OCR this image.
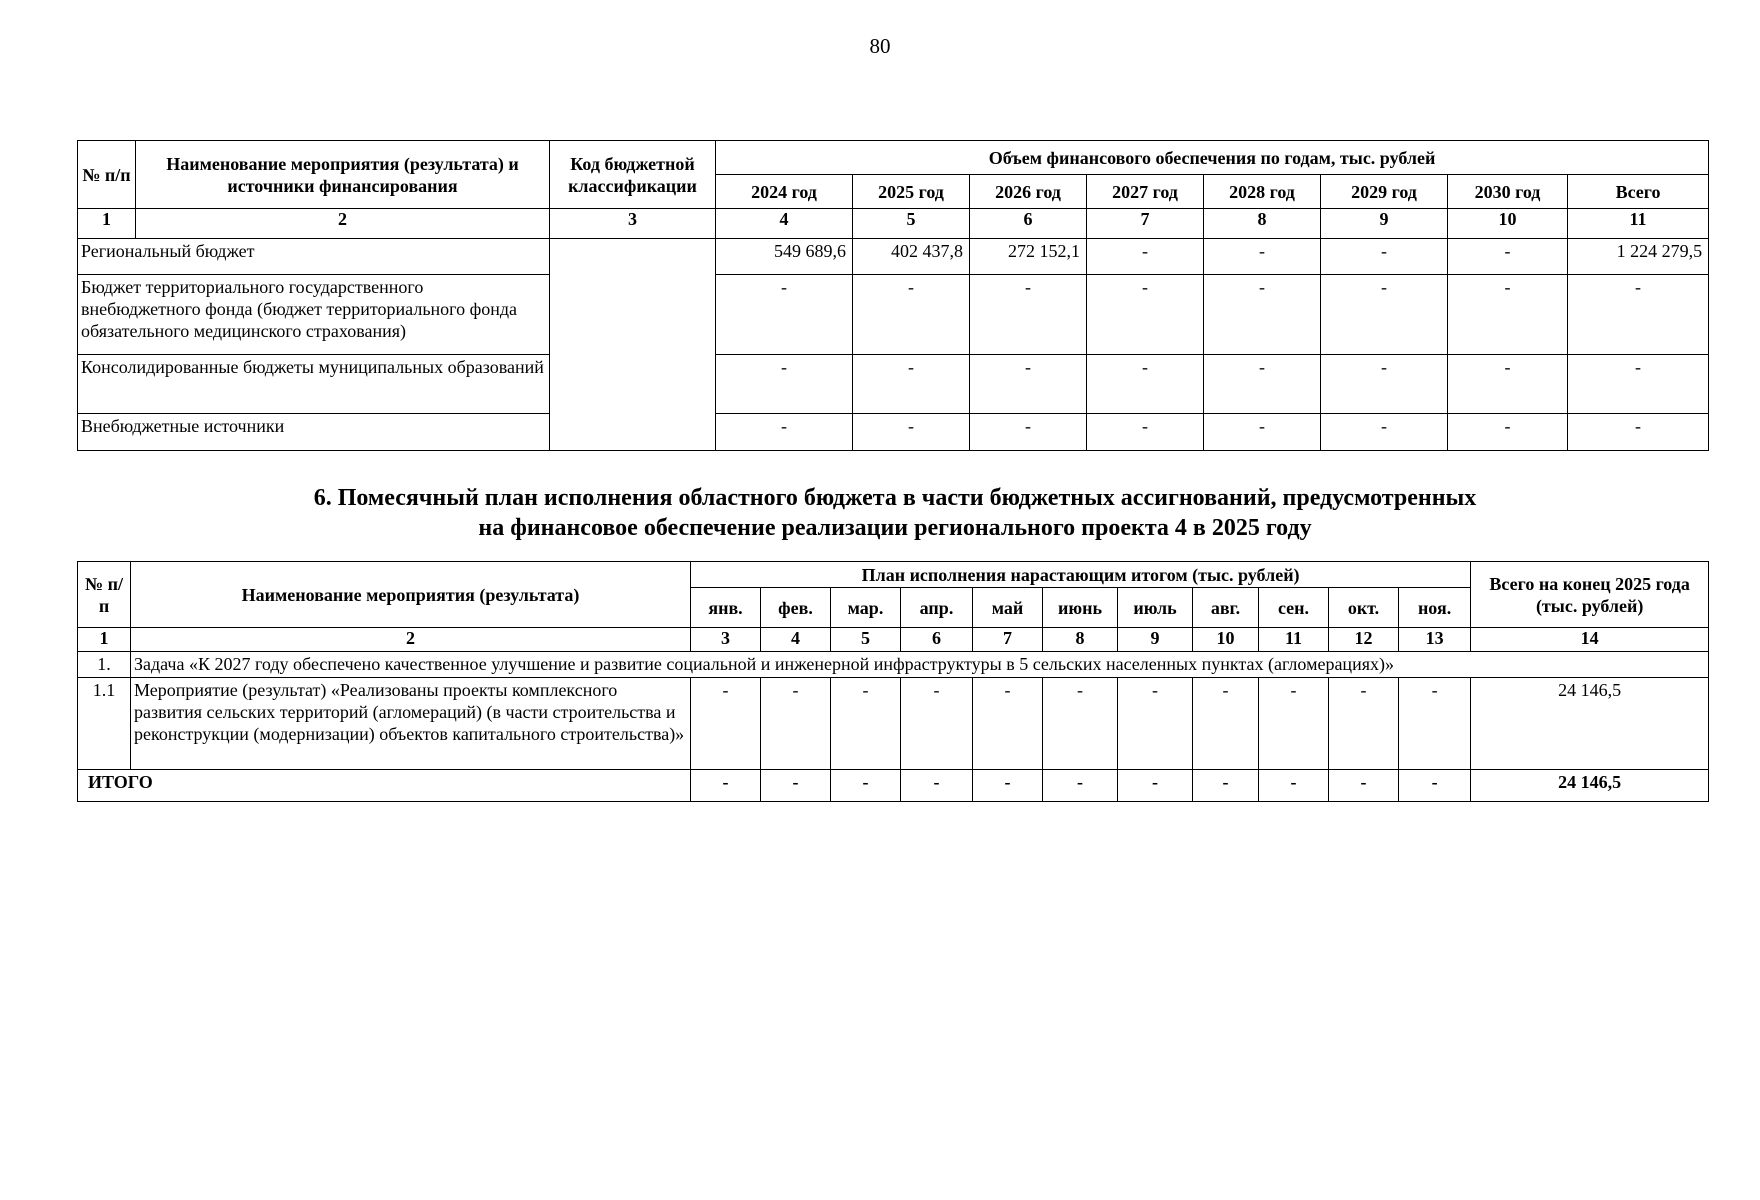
80
№ п/п	Наименование мероприятия (результата) и источники финансирования	Код бюджетной классификации	Объем финансового обеспечения по годам, тыс. рублей							
			2024 год	2025 год	2026 год	2027 год	2028 год	2029 год	2030 год	Всего
1	2	3	4	5	6	7	8	9	10	11
Региональный бюджет			549 689,6	402 437,8	272 152,1	-	-	-	-	1 224 279,5
Бюджет территориального государственного внебюджетного фонда (бюджет территориального фонда обязательного медицинского страхования)			-	-	-	-	-	-	-	-
Консолидированные бюджеты муниципальных образований			-	-	-	-	-	-	-	-
Внебюджетные источники			-	-	-	-	-	-	-	-
6. Помесячный план исполнения областного бюджета в части бюджетных ассигнований, предусмотренных
на финансовое обеспечение реализации регионального проекта 4 в 2025 году
№ п/п	Наименование мероприятия (результата)	План исполнения нарастающим итогом (тыс. рублей)											Всего на конец 2025 года (тыс. рублей)
		янв.	фев.	мар.	апр.	май	июнь	июль	авг.	сен.	окт.	ноя.	
1	2	3	4	5	6	7	8	9	10	11	12	13	14
1.	Задача «К 2027 году обеспечено качественное улучшение и развитие социальной и инженерной инфраструктуры в 5 сельских населенных пунктах (агломерациях)»												
1.1	Мероприятие (результат) «Реализованы проекты комплексного развития сельских территорий (агломераций) (в части строительства и реконструкции (модернизации) объектов капитального строительства)»	-	-	-	-	-	-	-	-	-	-	-	24 146,5
ИТОГО		-	-	-	-	-	-	-	-	-	-	-	24 146,5
